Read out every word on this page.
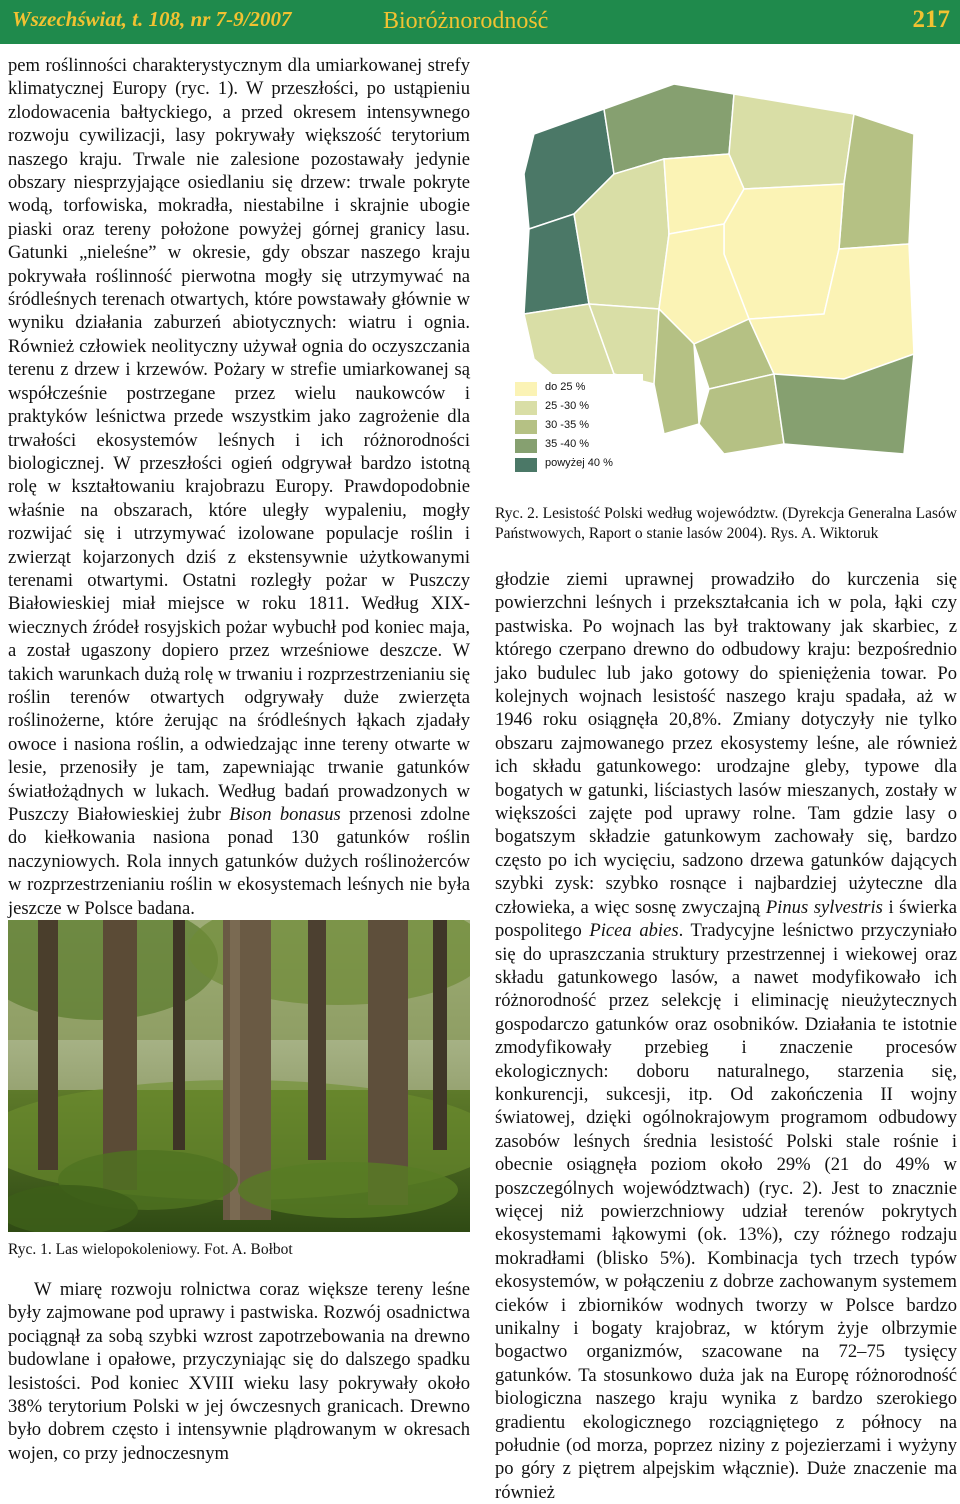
Wszechświat, t. 108, nr 7-9/2007	Bioróżnorodność	217

pem roślinności charakterystycznym dla umiarkowanej strefy klimatycznej Europy (ryc. 1). W przeszłości, po ustąpieniu zlodowacenia bałtyckiego, a przed okresem intensywnego rozwoju cywilizacji, lasy pokrywały większość terytorium naszego kraju. Trwale nie zalesione pozostawały jedynie obszary niesprzyjające osiedlaniu się drzew: trwale pokryte wodą, torfowiska, mokradła, niestabilne i skrajnie ubogie piaski oraz tereny położone powyżej górnej granicy lasu. Gatunki „nieleśne” w okresie, gdy obszar naszego kraju pokrywała roślinność pierwotna mogły się utrzymywać na śródleśnych terenach otwartych, które powstawały głównie w wyniku działania zaburzeń abiotycznych: wiatru i ognia. Również człowiek neolityczny używał ognia do oczyszczania terenu z drzew i krzewów. Pożary w strefie umiarkowanej są współcześnie postrzegane przez wielu naukowców i praktyków leśnictwa przede wszystkim jako zagrożenie dla trwałości ekosystemów leśnych i ich różnorodności biologicznej. W przeszłości ogień odgrywał bardzo istotną rolę w kształtowaniu krajobrazu Europy. Prawdopodobnie właśnie na obszarach, które uległy wypaleniu, mogły rozwijać się i utrzymywać izolowane populacje roślin i zwierząt kojarzonych dziś z ekstensywnie użytkowanymi terenami otwartymi. Ostatni rozległy pożar w Puszczy Białowieskiej miał miejsce w roku 1811. Według XIX-wiecznych źródeł rosyjskich pożar wybuchł pod koniec maja, a został ugaszony dopiero przez wrześniowe deszcze. W takich warunkach dużą rolę w trwaniu i rozprzestrzenianiu się roślin terenów otwartych odgrywały duże zwierzęta roślinożerne, które żerując na śródleśnych łąkach zjadały owoce i nasiona roślin, a odwiedzając inne tereny otwarte w lesie, przenosiły je tam, zapewniając trwanie gatunków światłożądnych w lukach. Według badań prowadzonych w Puszczy Białowieskiej żubr Bison bonasus przenosi zdolne do kiełkowania nasiona ponad 130 gatunków roślin naczyniowych. Rola innych gatunków dużych roślinożerców w rozprzestrzenianiu roślin w ekosystemach leśnych nie była jeszcze w Polsce badana.

Ryc. 1. Las wielopokoleniowy. Fot. A. Bołbot

W miarę rozwoju rolnictwa coraz większe tereny leśne były zajmowane pod uprawy i pastwiska. Rozwój osadnictwa pociągnął za sobą szybki wzrost zapotrzebowania na drewno budowlane i opałowe, przyczyniając się do dalszego spadku lesistości. Pod koniec XVIII wieku lasy pokrywały około 38% terytorium Polski w jej ówczesnych granicach. Drewno było dobrem często i intensywnie plądrowanym w okresach wojen, co przy jednoczesnym

do 25 %
25 -30 %
30 -35 %
35 -40 %
powyżej 40 %
Ryc. 2. Lesistość Polski według województw. (Dyrekcja Generalna Lasów Państwowych, Raport o stanie lasów 2004). Rys. A. Wiktoruk

głodzie ziemi uprawnej prowadziło do kurczenia się powierzchni leśnych i przekształcania ich w pola, łąki czy pastwiska. Po wojnach las był traktowany jak skarbiec, z którego czerpano drewno do odbudowy kraju: bezpośrednio jako budulec lub jako gotowy do spieniężenia towar. Po kolejnych wojnach lesistość naszego kraju spadała, aż w 1946 roku osiągnęła 20,8%. Zmiany dotyczyły nie tylko obszaru zajmowanego przez ekosystemy leśne, ale również ich składu gatunkowego: urodzajne gleby, typowe dla bogatych w gatunki, liściastych lasów mieszanych, zostały w większości zajęte pod uprawy rolne. Tam gdzie lasy o bogatszym składzie gatunkowym zachowały się, bardzo często po ich wycięciu, sadzono drzewa gatunków dających szybki zysk: szybko rosnące i najbardziej użyteczne dla człowieka, a więc sosnę zwyczajną Pinus sylvestris i świerka pospolitego Picea abies. Tradycyjne leśnictwo przyczyniało się do upraszczania struktury przestrzennej i wiekowej oraz składu gatunkowego lasów, a nawet modyfikowało ich różnorodność przez selekcję i eliminację nieużytecznych gospodarczo gatunków oraz osobników. Działania te istotnie zmodyfikowały przebieg i znaczenie procesów ekologicznych: doboru naturalnego, starzenia się, konkurencji, sukcesji, itp. Od zakończenia II wojny światowej, dzięki ogólnokrajowym programom odbudowy zasobów leśnych średnia lesistość Polski stale rośnie i obecnie osiągnęła poziom około 29% (21 do 49% w poszczególnych województwach) (ryc. 2). Jest to znacznie więcej niż powierzchniowy udział terenów pokrytych ekosystemami łąkowymi (ok. 13%), czy różnego rodzaju mokradłami (blisko 5%). Kombinacja tych trzech typów ekosystemów, w połączeniu z dobrze zachowanym systemem cieków i zbiorników wodnych tworzy w Polsce bardzo unikalny i bogaty krajobraz, w którym żyje olbrzymie bogactwo organizmów, szacowane na 72–75 tysięcy gatunków. Ta stosunkowo duża jak na Europę różnorodność biologiczna naszego kraju wynika z bardzo szerokiego gradientu ekologicznego rozciągniętego z północy na południe (od morza, poprzez niziny z pojezierzami i wyżyny po góry z piętrem alpejskim włącznie). Duże znaczenie ma również
